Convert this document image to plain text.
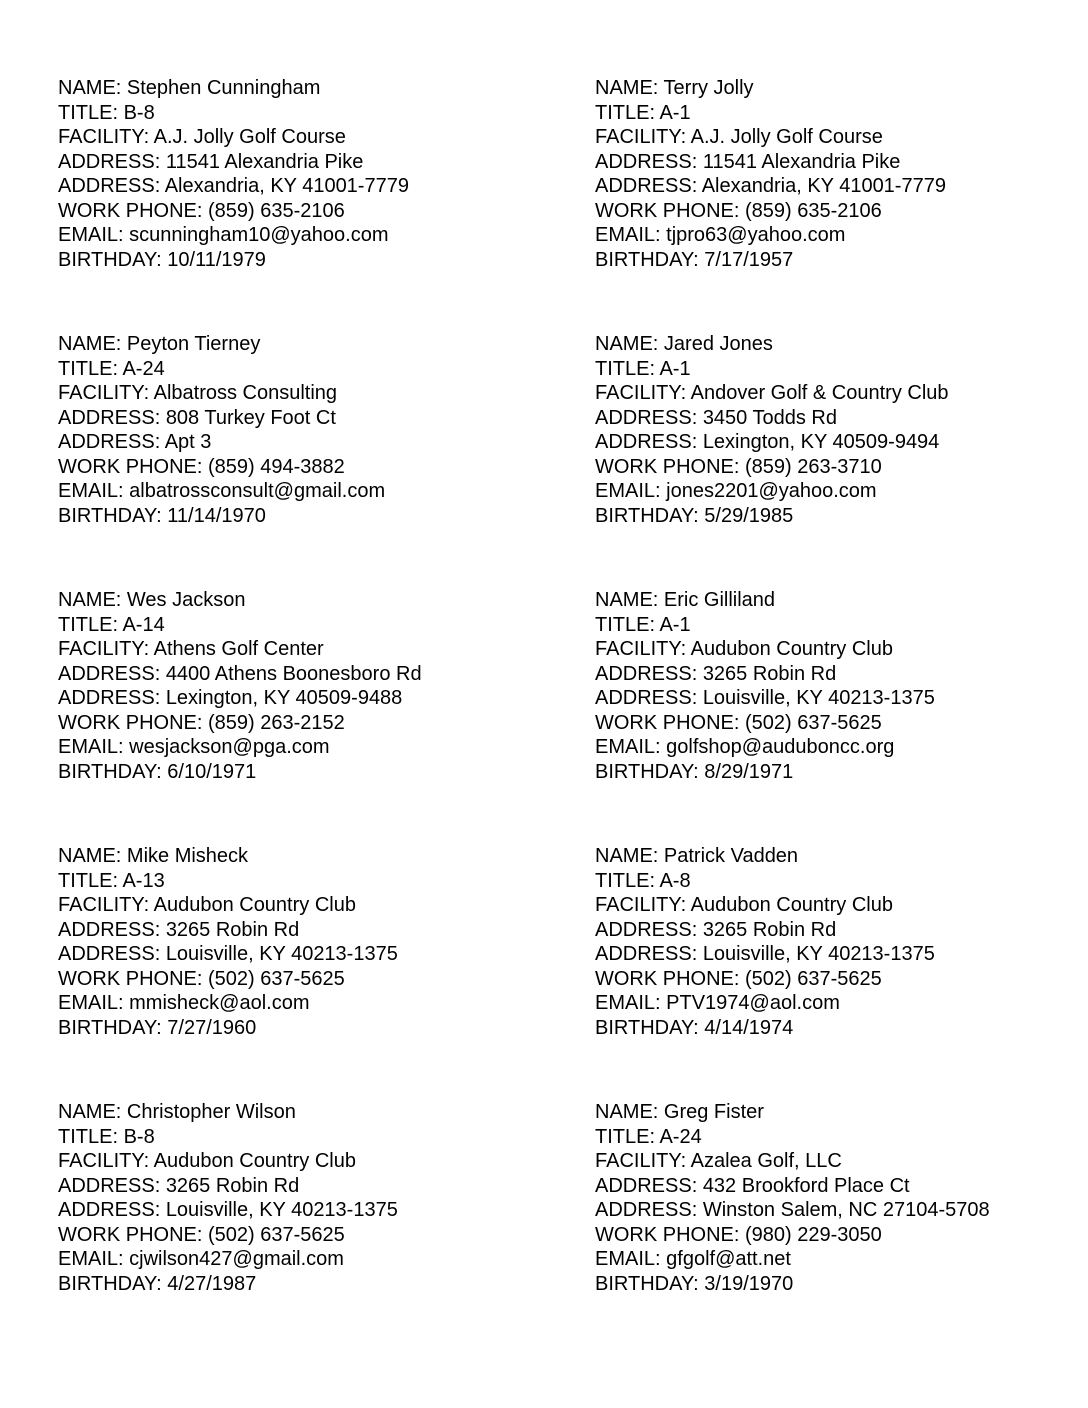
NAME: Stephen Cunningham
TITLE: B-8
FACILITY: A.J. Jolly Golf Course
ADDRESS: 11541 Alexandria Pike
ADDRESS: Alexandria, KY 41001-7779
WORK PHONE: (859) 635-2106
EMAIL: scunningham10@yahoo.com
BIRTHDAY: 10/11/1979
NAME: Terry Jolly
TITLE: A-1
FACILITY: A.J. Jolly Golf Course
ADDRESS: 11541 Alexandria Pike
ADDRESS: Alexandria, KY 41001-7779
WORK PHONE: (859) 635-2106
EMAIL: tjpro63@yahoo.com
BIRTHDAY: 7/17/1957
NAME: Peyton Tierney
TITLE: A-24
FACILITY: Albatross Consulting
ADDRESS: 808 Turkey Foot Ct
ADDRESS: Apt 3
WORK PHONE: (859) 494-3882
EMAIL: albatrossconsult@gmail.com
BIRTHDAY: 11/14/1970
NAME: Jared Jones
TITLE: A-1
FACILITY: Andover Golf & Country Club
ADDRESS: 3450 Todds Rd
ADDRESS: Lexington, KY 40509-9494
WORK PHONE: (859) 263-3710
EMAIL: jones2201@yahoo.com
BIRTHDAY: 5/29/1985
NAME: Wes Jackson
TITLE: A-14
FACILITY: Athens Golf Center
ADDRESS: 4400 Athens Boonesboro Rd
ADDRESS: Lexington, KY 40509-9488
WORK PHONE: (859) 263-2152
EMAIL: wesjackson@pga.com
BIRTHDAY: 6/10/1971
NAME: Eric Gilliland
TITLE: A-1
FACILITY: Audubon Country Club
ADDRESS: 3265 Robin Rd
ADDRESS: Louisville, KY 40213-1375
WORK PHONE: (502) 637-5625
EMAIL: golfshop@auduboncc.org
BIRTHDAY: 8/29/1971
NAME: Mike Misheck
TITLE: A-13
FACILITY: Audubon Country Club
ADDRESS: 3265 Robin Rd
ADDRESS: Louisville, KY 40213-1375
WORK PHONE: (502) 637-5625
EMAIL: mmisheck@aol.com
BIRTHDAY: 7/27/1960
NAME: Patrick Vadden
TITLE: A-8
FACILITY: Audubon Country Club
ADDRESS: 3265 Robin Rd
ADDRESS: Louisville, KY 40213-1375
WORK PHONE: (502) 637-5625
EMAIL: PTV1974@aol.com
BIRTHDAY: 4/14/1974
NAME: Christopher Wilson
TITLE: B-8
FACILITY: Audubon Country Club
ADDRESS: 3265 Robin Rd
ADDRESS: Louisville, KY 40213-1375
WORK PHONE: (502) 637-5625
EMAIL: cjwilson427@gmail.com
BIRTHDAY: 4/27/1987
NAME: Greg Fister
TITLE: A-24
FACILITY: Azalea Golf, LLC
ADDRESS: 432 Brookford Place Ct
ADDRESS: Winston Salem, NC 27104-5708
WORK PHONE: (980) 229-3050
EMAIL: gfgolf@att.net
BIRTHDAY: 3/19/1970
